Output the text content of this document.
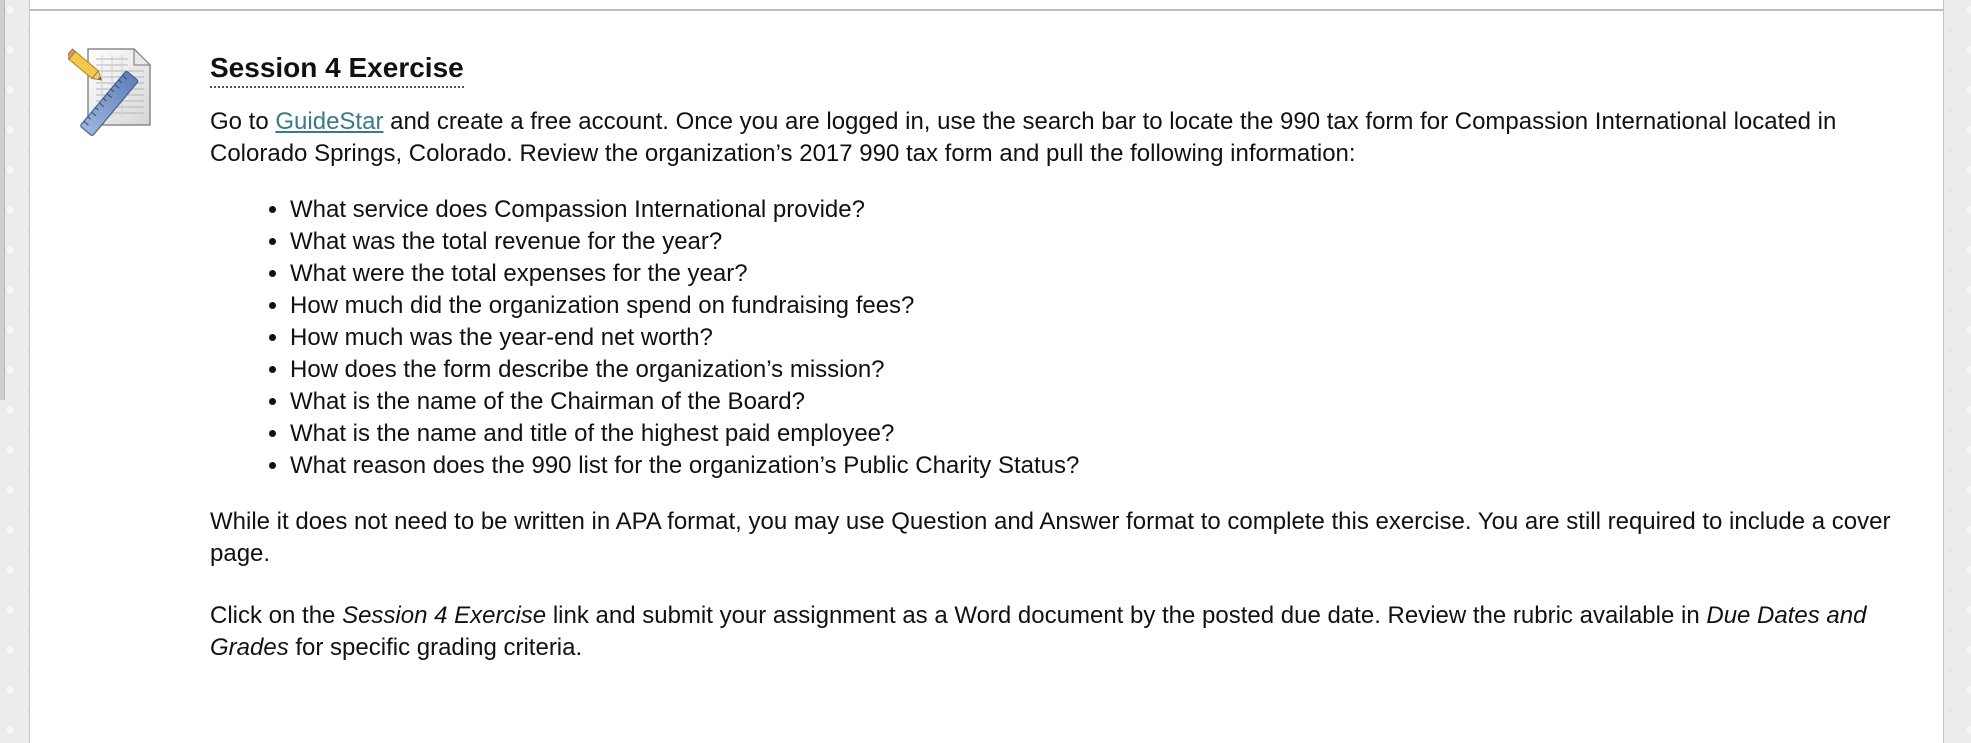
Session 4 Exercise

Go to GuideStar and create a free account. Once you are logged in, use the search bar to locate the 990 tax form for Compassion International located in Colorado Springs, Colorado. Review the organization’s 2017 990 tax form and pull the following information:

• What service does Compassion International provide?
• What was the total revenue for the year?
• What were the total expenses for the year?
• How much did the organization spend on fundraising fees?
• How much was the year-end net worth?
• How does the form describe the organization’s mission?
• What is the name of the Chairman of the Board?
• What is the name and title of the highest paid employee?
• What reason does the 990 list for the organization’s Public Charity Status?

While it does not need to be written in APA format, you may use Question and Answer format to complete this exercise. You are still required to include a cover page.

Click on the Session 4 Exercise link and submit your assignment as a Word document by the posted due date. Review the rubric available in Due Dates and Grades for specific grading criteria.
